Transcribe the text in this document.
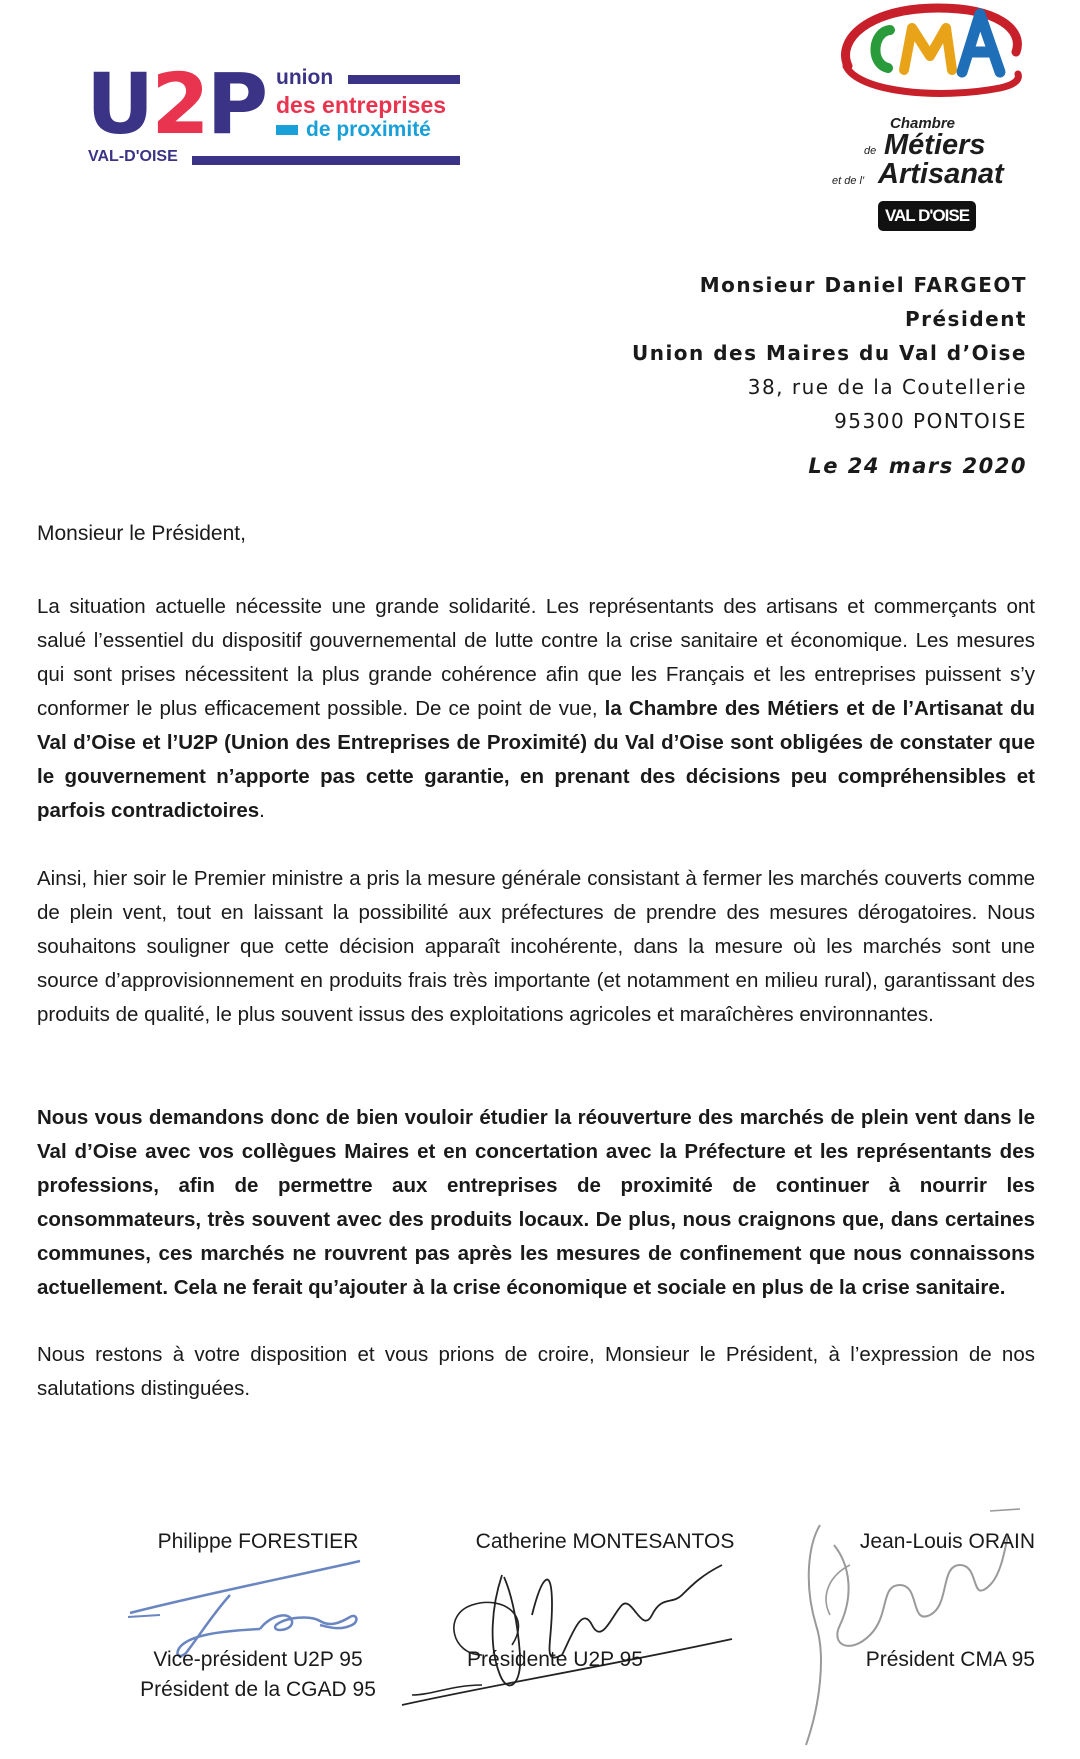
U2P
VAL-D'OISE
union
des entreprises
de proximité	Chambre
de Métiers
et de l' Artisanat
VAL D'OISE
Monsieur Daniel FARGEOT
Président
Union des Maires du Val d’Oise
38, rue de la Coutellerie
95300 PONTOISE
Le 24 mars 2020
Monsieur le Président,
La situation actuelle nécessite une grande solidarité. Les représentants des artisans et commerçants ont salué l’essentiel du dispositif gouvernemental de lutte contre la crise sanitaire et économique. Les mesures qui sont prises nécessitent la plus grande cohérence afin que les Français et les entreprises puissent s’y conformer le plus efficacement possible. De ce point de vue, la Chambre des Métiers et de l’Artisanat du Val d’Oise et l’U2P (Union des Entreprises de Proximité) du Val d’Oise sont obligées de constater que le gouvernement n’apporte pas cette garantie, en prenant des décisions peu compréhensibles et parfois contradictoires.
Ainsi, hier soir le Premier ministre a pris la mesure générale consistant à fermer les marchés couverts comme de plein vent, tout en laissant la possibilité aux préfectures de prendre des mesures dérogatoires. Nous souhaitons souligner que cette décision apparaît incohérente, dans la mesure où les marchés sont une source d’approvisionnement en produits frais très importante (et notamment en milieu rural), garantissant des produits de qualité, le plus souvent issus des exploitations agricoles et maraîchères environnantes.
Nous vous demandons donc de bien vouloir étudier la réouverture des marchés de plein vent dans le Val d’Oise avec vos collègues Maires et en concertation avec la Préfecture et les représentants des professions, afin de permettre aux entreprises de proximité de continuer à nourrir les consommateurs, très souvent avec des produits locaux. De plus, nous craignons que, dans certaines communes, ces marchés ne rouvrent pas après les mesures de confinement que nous connaissons actuellement. Cela ne ferait qu’ajouter à la crise économique et sociale en plus de la crise sanitaire.
Nous restons à votre disposition et vous prions de croire, Monsieur le Président, à l’expression de nos salutations distinguées.
Philippe FORESTIER
Vice-président U2P 95
Président de la CGAD 95
Catherine MONTESANTOS
Présidente U2P 95
Jean-Louis ORAIN
Président CMA 95
